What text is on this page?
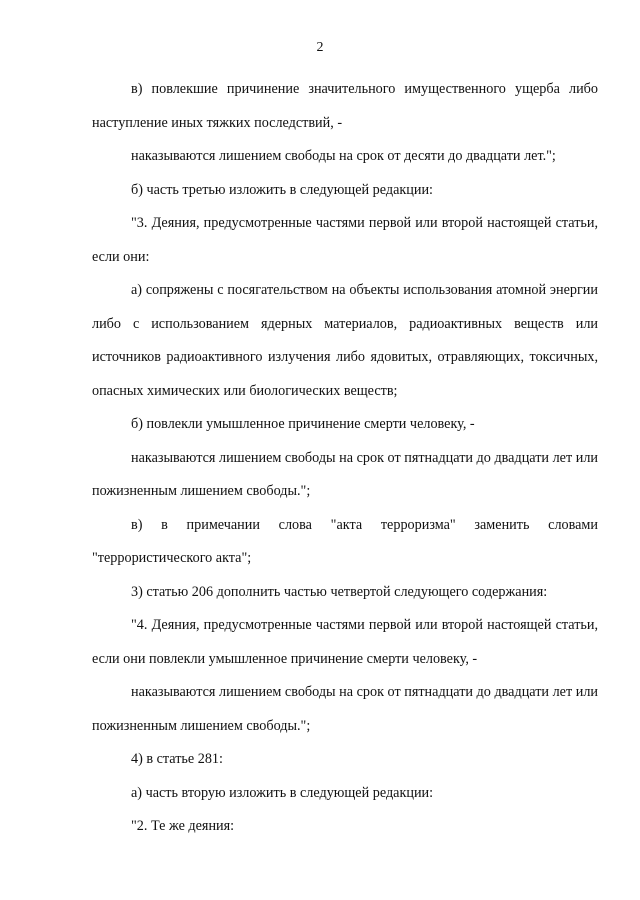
2

в) повлекшие причинение значительного имущественного ущерба либо наступление иных тяжких последствий, -

наказываются лишением свободы на срок от десяти до двадцати лет.";

б) часть третью изложить в следующей редакции:

"3. Деяния, предусмотренные частями первой или второй настоящей статьи, если они:

а) сопряжены с посягательством на объекты использования атомной энергии либо с использованием ядерных материалов, радиоактивных веществ или источников радиоактивного излучения либо ядовитых, отравляющих, токсичных, опасных химических или биологических веществ;

б) повлекли умышленное причинение смерти человеку, -

наказываются лишением свободы на срок от пятнадцати до двадцати лет или пожизненным лишением свободы.";

в) в примечании слова "акта терроризма" заменить словами "террористического акта";

3) статью 206 дополнить частью четвертой следующего содержания:

"4. Деяния, предусмотренные частями первой или второй настоящей статьи, если они повлекли умышленное причинение смерти человеку, -

наказываются лишением свободы на срок от пятнадцати до двадцати лет или пожизненным лишением свободы.";

4) в статье 281:

а) часть вторую изложить в следующей редакции:

"2. Те же деяния:
